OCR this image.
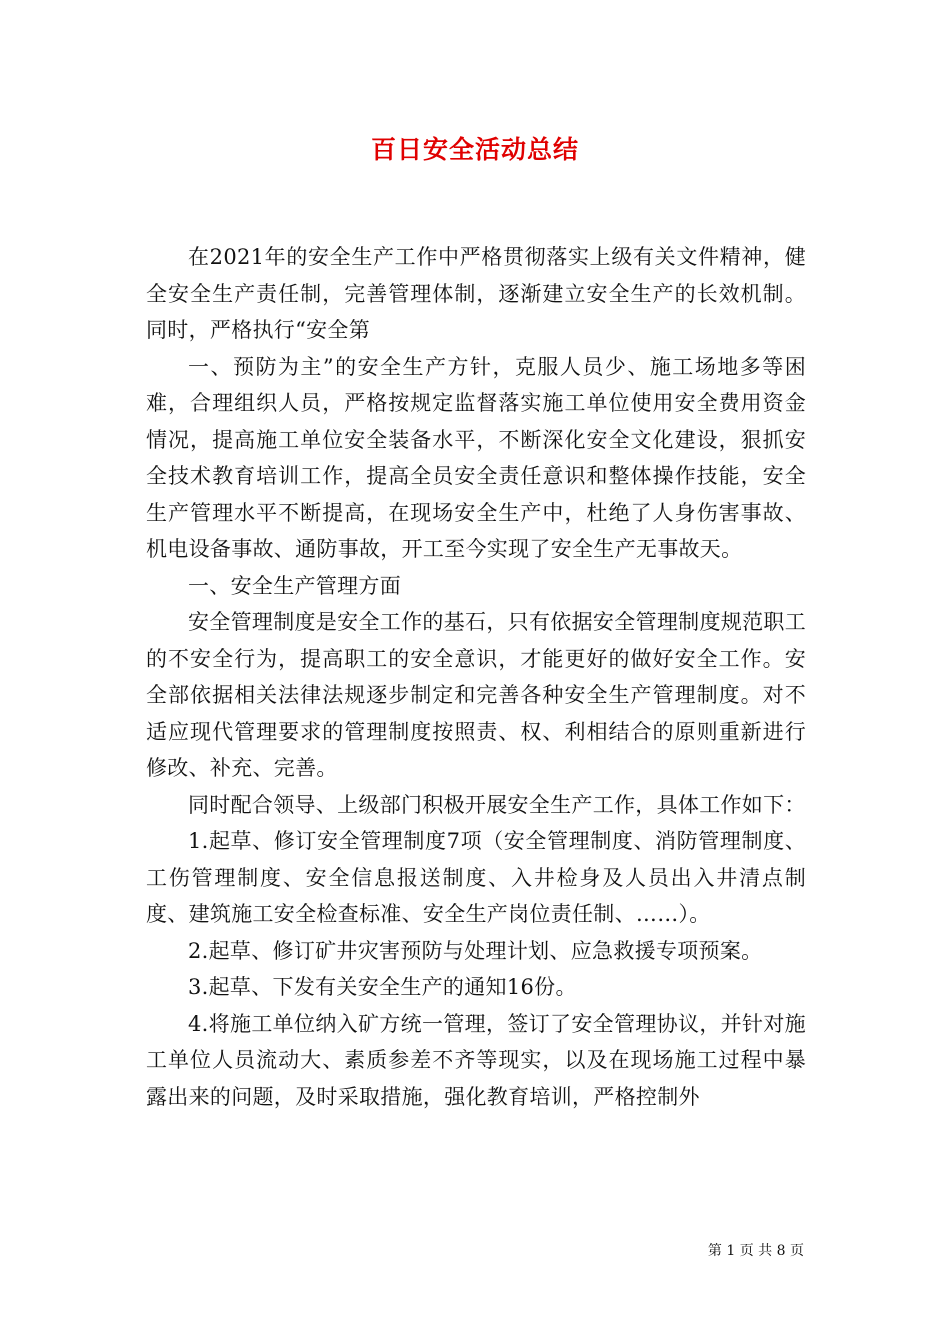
百日安全活动总结

在2021年的安全生产工作中严格贯彻落实上级有关文件精神，健全安全生产责任制，完善管理体制，逐渐建立安全生产的长效机制。同时，严格执行“安全第

一、预防为主”的安全生产方针，克服人员少、施工场地多等困难，合理组织人员，严格按规定监督落实施工单位使用安全费用资金情况，提高施工单位安全装备水平，不断深化安全文化建设，狠抓安全技术教育培训工作，提高全员安全责任意识和整体操作技能，安全生产管理水平不断提高，在现场安全生产中，杜绝了人身伤害事故、机电设备事故、通防事故，开工至今实现了安全生产无事故天。

一、安全生产管理方面

安全管理制度是安全工作的基石，只有依据安全管理制度规范职工的不安全行为，提高职工的安全意识，才能更好的做好安全工作。安全部依据相关法律法规逐步制定和完善各种安全生产管理制度。对不适应现代管理要求的管理制度按照责、权、利相结合的原则重新进行修改、补充、完善。

同时配合领导、上级部门积极开展安全生产工作，具体工作如下：

1.起草、修订安全管理制度7项（安全管理制度、消防管理制度、工伤管理制度、安全信息报送制度、入井检身及人员出入井清点制度、建筑施工安全检查标准、安全生产岗位责任制、……）。

2.起草、修订矿井灾害预防与处理计划、应急救援专项预案。

3.起草、下发有关安全生产的通知16份。

4.将施工单位纳入矿方统一管理，签订了安全管理协议，并针对施工单位人员流动大、素质参差不齐等现实，以及在现场施工过程中暴露出来的问题，及时采取措施，强化教育培训，严格控制外

第 1 页 共 8 页
